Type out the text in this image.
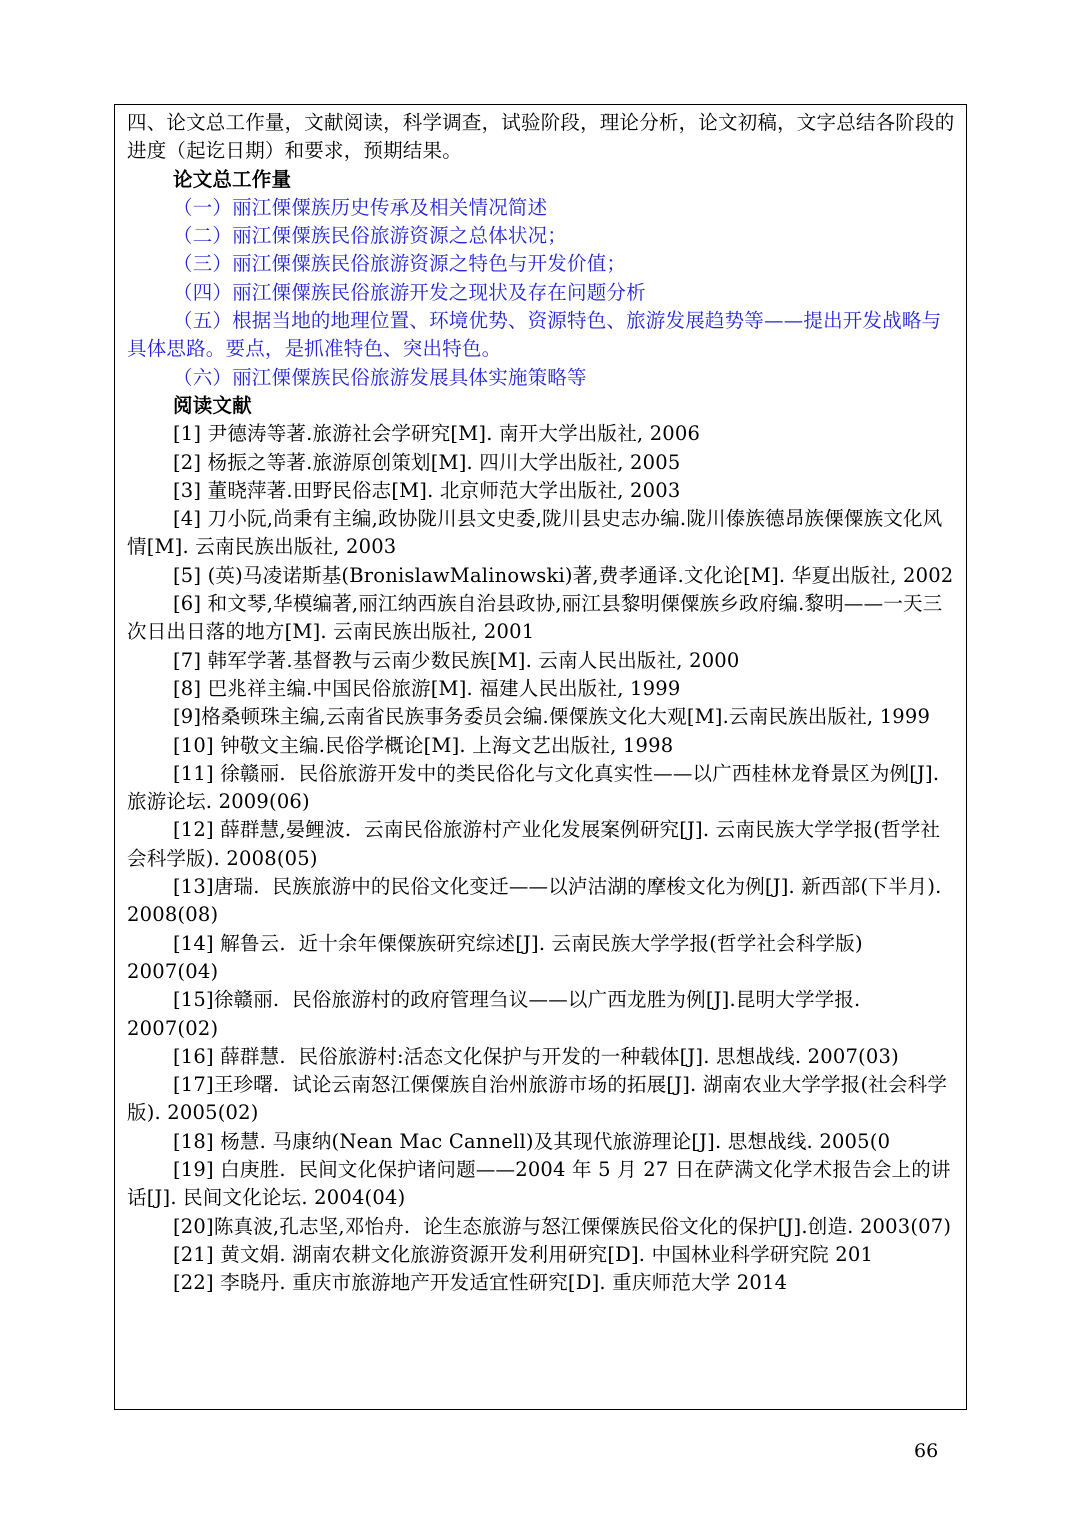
四、论文总工作量，文献阅读，科学调查，试验阶段，理论分析，论文初稿，文字总结各阶段的进度（起讫日期）和要求，预期结果。

论文总工作量

（一）丽江傈僳族历史传承及相关情况简述

（二）丽江傈僳族民俗旅游资源之总体状况；

（三）丽江傈僳族民俗旅游资源之特色与开发价值；

（四）丽江傈僳族民俗旅游开发之现状及存在问题分析

（五）根据当地的地理位置、环境优势、资源特色、旅游发展趋势等——提出开发战略与具体思路。要点，是抓准特色、突出特色。

（六）丽江傈僳族民俗旅游发展具体实施策略等

阅读文献

[1] 尹德涛等著.旅游社会学研究[M]. 南开大学出版社, 2006

[2] 杨振之等著.旅游原创策划[M]. 四川大学出版社, 2005

[3] 董晓萍著.田野民俗志[M]. 北京师范大学出版社, 2003

[4] 刀小阮,尚秉有主编,政协陇川县文史委,陇川县史志办编.陇川傣族德昂族傈僳族文化风情[M]. 云南民族出版社, 2003

[5] (英)马凌诺斯基(BronislawMalinowski)著,费孝通译.文化论[M]. 华夏出版社, 2002

[6] 和文琴,华模编著,丽江纳西族自治县政协,丽江县黎明傈僳族乡政府编.黎明——一天三次日出日落的地方[M]. 云南民族出版社, 2001

[7] 韩军学著.基督教与云南少数民族[M]. 云南人民出版社, 2000

[8] 巴兆祥主编.中国民俗旅游[M]. 福建人民出版社, 1999

[9]格桑顿珠主编,云南省民族事务委员会编.傈僳族文化大观[M].云南民族出版社, 1999

[10] 钟敬文主编.民俗学概论[M]. 上海文艺出版社, 1998

[11] 徐赣丽.  民俗旅游开发中的类民俗化与文化真实性——以广西桂林龙脊景区为例[J]. 旅游论坛. 2009(06)

[12] 薛群慧,晏鲤波.  云南民俗旅游村产业化发展案例研究[J]. 云南民族大学学报(哲学社会科学版). 2008(05)

[13]唐瑞.  民族旅游中的民俗文化变迁——以泸沽湖的摩梭文化为例[J]. 新西部(下半月). 2008(08)

[14] 解鲁云.  近十余年傈僳族研究综述[J]. 云南民族大学学报(哲学社会科学版) 2007(04)

[15]徐赣丽.  民俗旅游村的政府管理刍议——以广西龙胜为例[J].昆明大学学报. 2007(02)

[16] 薛群慧.  民俗旅游村:活态文化保护与开发的一种载体[J]. 思想战线. 2007(03)

[17]王珍曙.  试论云南怒江傈僳族自治州旅游市场的拓展[J]. 湖南农业大学学报(社会科学版). 2005(02)

[18] 杨慧. 马康纳(Nean Mac Cannell)及其现代旅游理论[J]. 思想战线. 2005(0

[19] 白庚胜.  民间文化保护诸问题——2004 年 5 月 27 日在萨满文化学术报告会上的讲话[J]. 民间文化论坛. 2004(04)

[20]陈真波,孔志坚,邓怡舟.  论生态旅游与怒江傈僳族民俗文化的保护[J].创造. 2003(07)

[21] 黄文娟. 湖南农耕文化旅游资源开发利用研究[D]. 中国林业科学研究院 201

[22] 李晓丹. 重庆市旅游地产开发适宜性研究[D]. 重庆师范大学 2014

66
